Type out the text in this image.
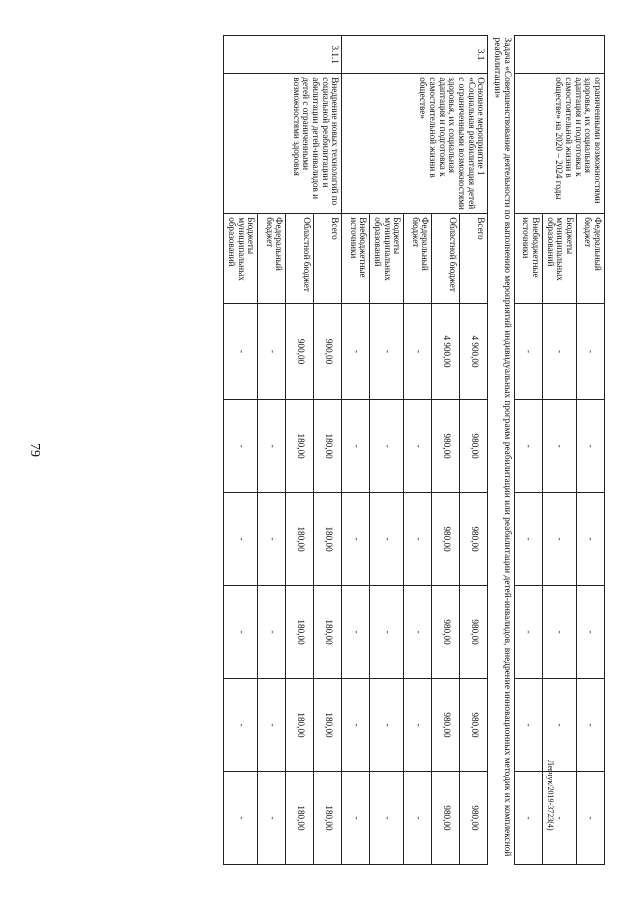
79
Левчук/2019-3723(4)
	ограниченными возможностями здоровья, их социальная адаптация и подготовка к самостоятельной жизни в обществе» на 2020 – 2024 годы	Федеральный бюджет	-	-	-	-	-	-
		Бюджеты муниципальных образований	-	-	-	-	-	-
		Внебюджетные источники	-	-	-	-	-	-
Задача «Совершенствование деятельности по выполнению мероприятий индивидуальных программ реабилитации или реабилитации детей-инвалидов, внедрение инновационных методик их комплексной реабилитации»								
3.1	Основное мероприятие 1 «Социальная реабилитация детей с ограниченными возможностями здоровья, их социальная адаптация и подготовка к самостоятельной жизни в обществе»	Всего	4 900,00	980,00	980,00	980,00	980,00	980,00
		Областной бюджет	4 900,00	980,00	980,00	980,00	980,00	980,00
		Федеральный бюджет	-	-	-	-	-	-
		Бюджеты муниципальных образований	-	-	-	-	-	-
		Внебюджетные источники	-	-	-	-	-	-
3.1.1	Внедрение новых технологий по социальной реабилитации и абилитации детей-инвалидов и детей с ограниченными возможностями здоровья	Всего	900,00	180,00	180,00	180,00	180,00	180,00
		Областной бюджет	900,00	180,00	180,00	180,00	180,00	180,00
		Федеральный бюджет	-	-	-	-	-	-
		Бюджеты муниципальных образований	-	-	-	-	-	-
